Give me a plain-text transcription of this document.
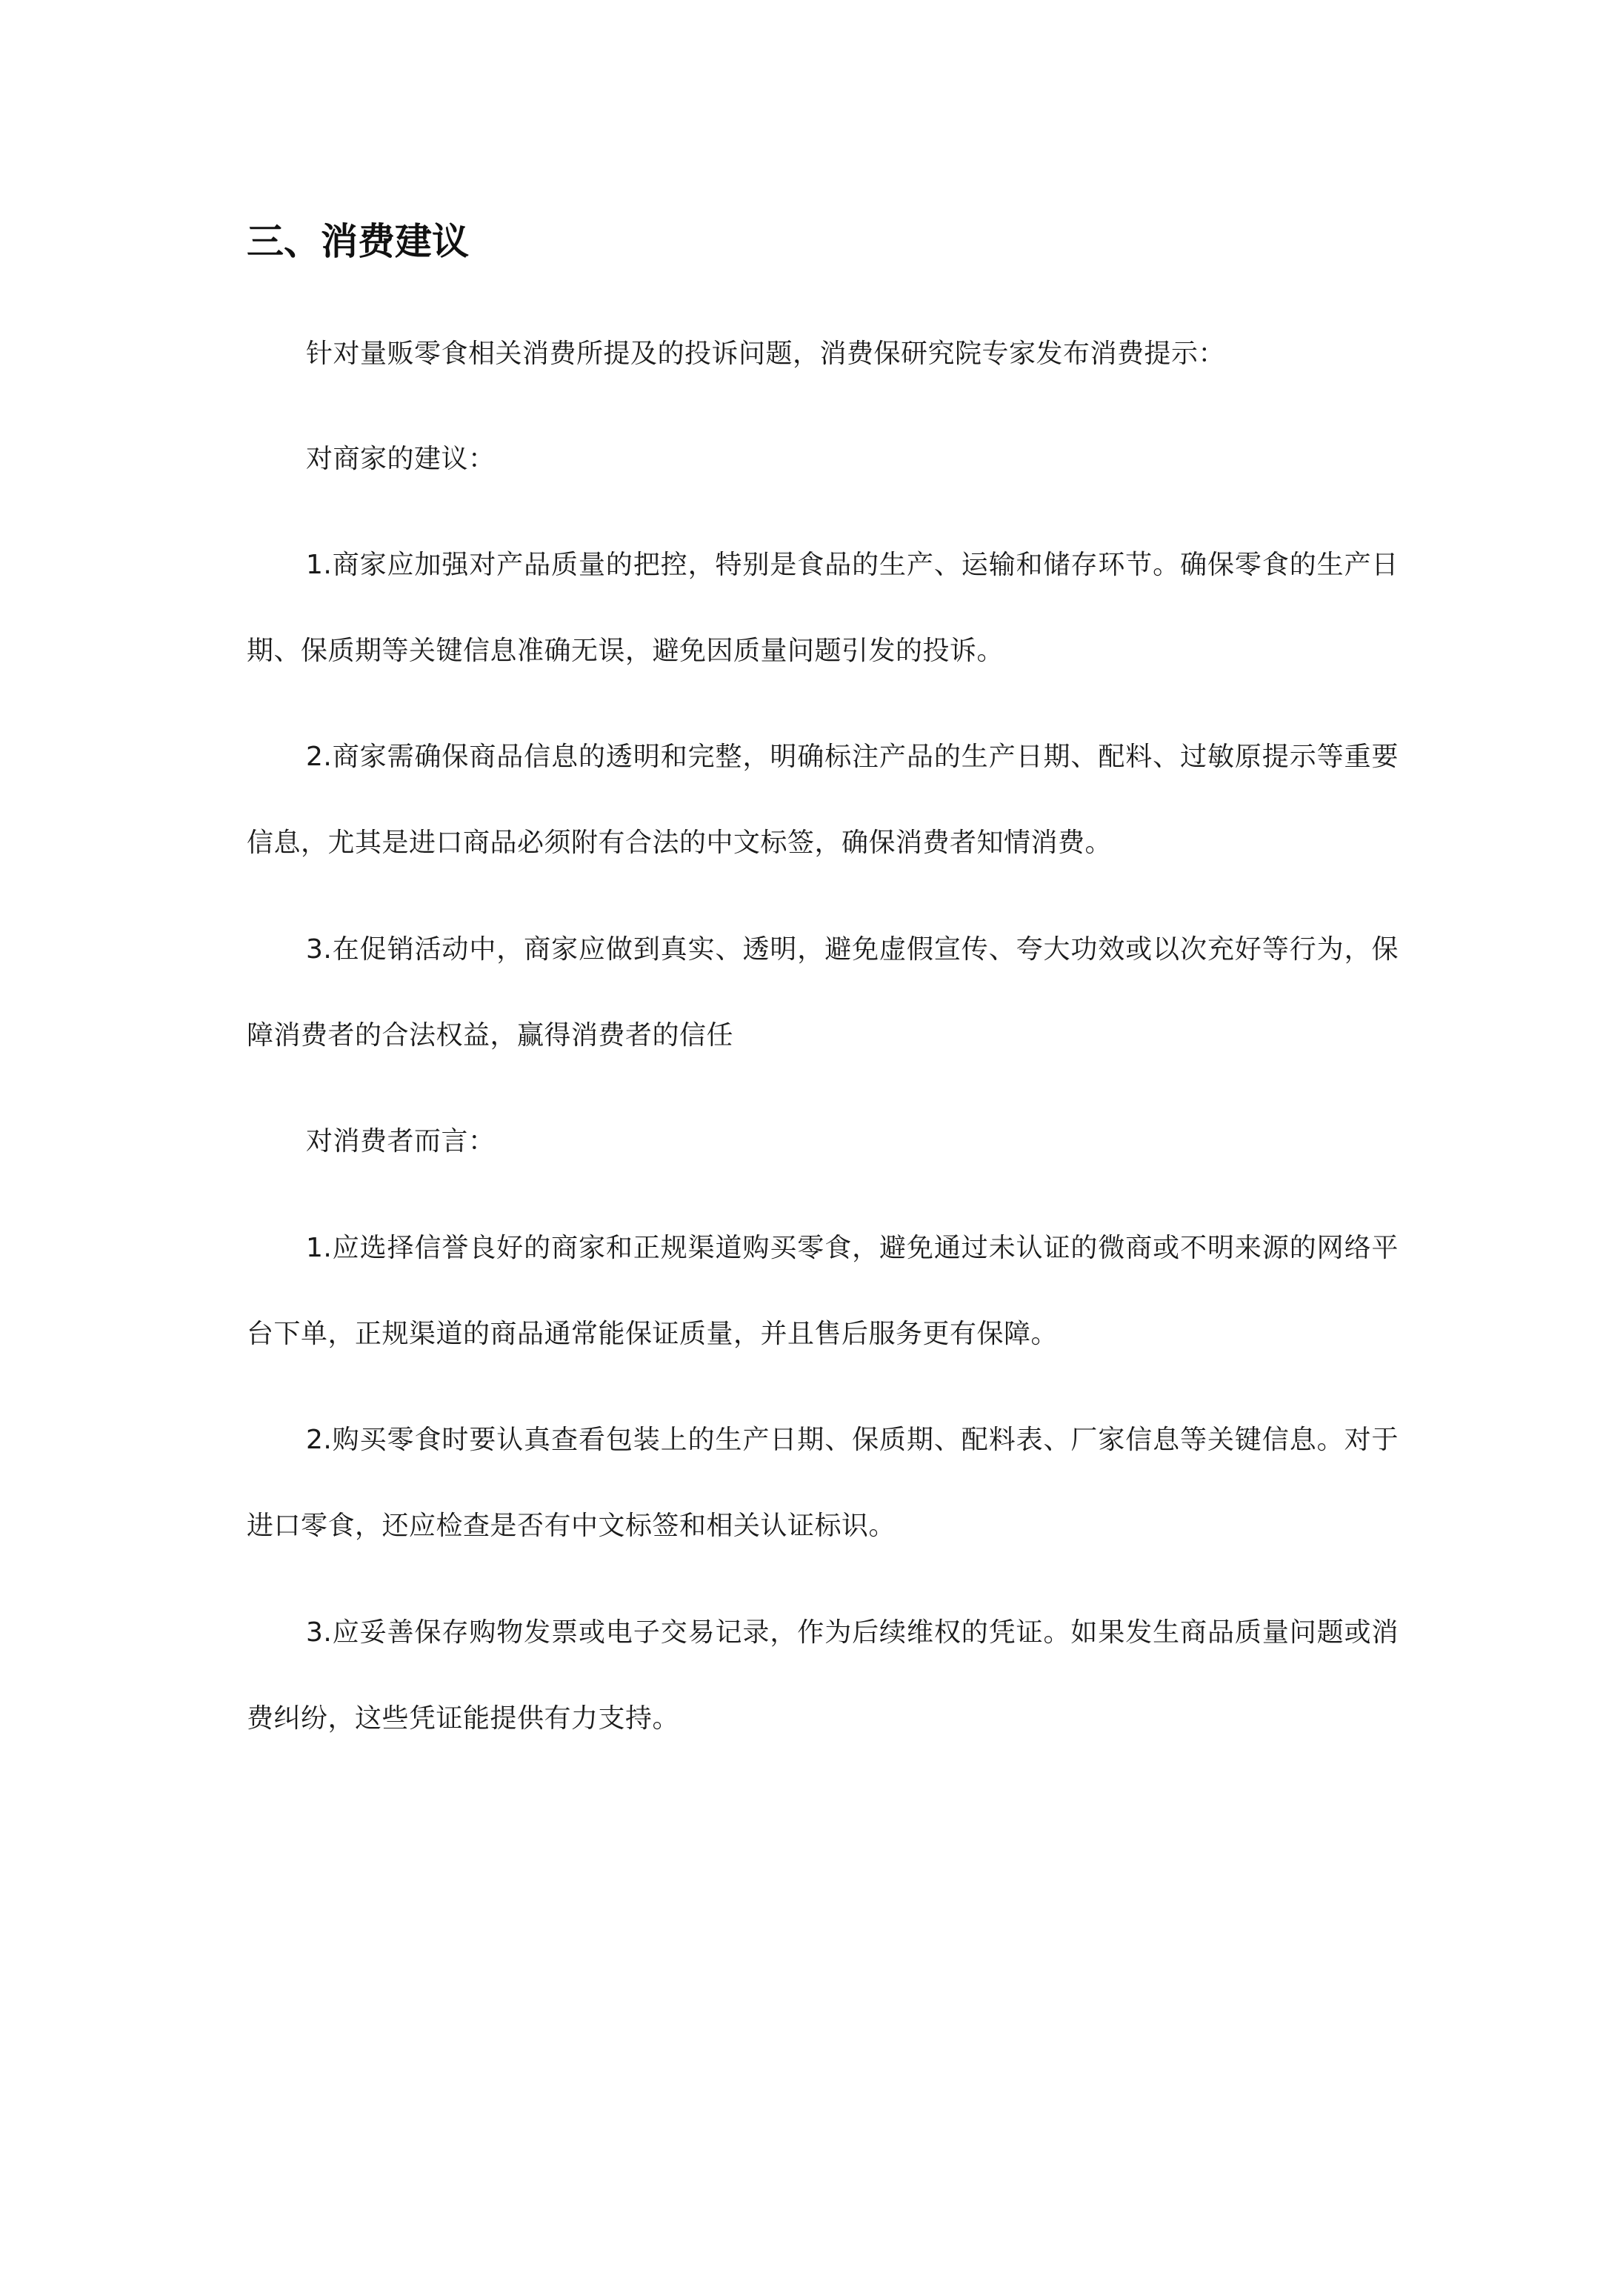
三、消费建议

针对量贩零食相关消费所提及的投诉问题，消费保研究院专家发布消费提示：

对商家的建议：

1.商家应加强对产品质量的把控，特别是食品的生产、运输和储存环节。确保零食的生产日期、保质期等关键信息准确无误，避免因质量问题引发的投诉。

2.商家需确保商品信息的透明和完整，明确标注产品的生产日期、配料、过敏原提示等重要信息，尤其是进口商品必须附有合法的中文标签，确保消费者知情消费。

3.在促销活动中，商家应做到真实、透明，避免虚假宣传、夸大功效或以次充好等行为，保障消费者的合法权益，赢得消费者的信任

对消费者而言：

1.应选择信誉良好的商家和正规渠道购买零食，避免通过未认证的微商或不明来源的网络平台下单，正规渠道的商品通常能保证质量，并且售后服务更有保障。

2.购买零食时要认真查看包装上的生产日期、保质期、配料表、厂家信息等关键信息。对于进口零食，还应检查是否有中文标签和相关认证标识。

3.应妥善保存购物发票或电子交易记录，作为后续维权的凭证。如果发生商品质量问题或消费纠纷，这些凭证能提供有力支持。
